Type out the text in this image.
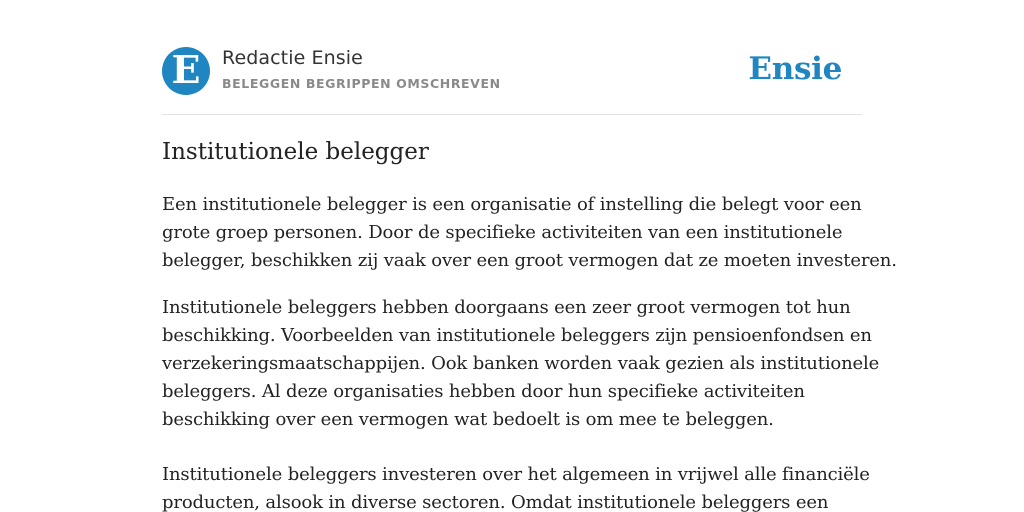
E Redactie Ensie
BELEGGEN BEGRIPPEN OMSCHREVEN	Ensie
Institutionele belegger

Een institutionele belegger is een organisatie of instelling die belegt voor een
grote groep personen. Door de specifieke activiteiten van een institutionele
belegger, beschikken zij vaak over een groot vermogen dat ze moeten investeren.

Institutionele beleggers hebben doorgaans een zeer groot vermogen tot hun
beschikking. Voorbeelden van institutionele beleggers zijn pensioenfondsen en
verzekeringsmaatschappijen. Ook banken worden vaak gezien als institutionele
beleggers. Al deze organisaties hebben door hun specifieke activiteiten
beschikking over een vermogen wat bedoelt is om mee te beleggen.

Institutionele beleggers investeren over het algemeen in vrijwel alle financiële
producten, alsook in diverse sectoren. Omdat institutionele beleggers een
